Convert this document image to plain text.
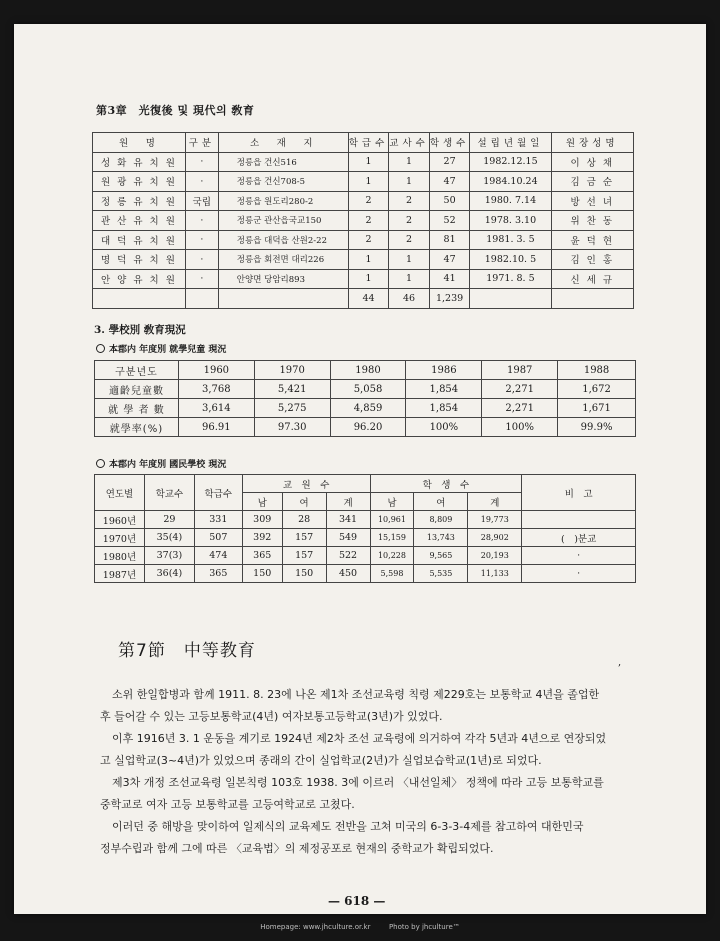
第3章　光復後 및 現代의 敎育
원　명	구분	소　재　지	학급수	교사수	학생수	설립년월일	원장성명
성 화 유 치 원	·	정릉읍 건신516	1	1	27	1982.12.15	이 상 채
원 광 유 치 원	·	정릉읍 건신708-5	1	1	47	1984.10.24	김 금 순
정 릉 유 치 원	국립	정릉읍 원도리280-2	2	2	50	1980. 7.14	방 선 녀
관 산 유 치 원	·	정릉군 관산읍국교150	2	2	52	1978. 3.10	위 찬 동
대 덕 유 치 원	·	정릉읍 대덕읍 산원2-22	2	2	81	1981. 3. 5	윤 덕 현
명 덕 유 치 원	·	정릉읍 회전면 대리226	1	1	47	1982.10. 5	김 인 홍
안 양 유 치 원	·	안양면 당암리893	1	1	41	1971. 8. 5	신 세 규
			44	46	1,239		
3. 學校別 敎育現況
本郡内 年度別 就學兒童 現況
구분년도	1960	1970	1980	1986	1987	1988
適齡兒童數	3,768	5,421	5,058	1,854	2,271	1,672
就 學 者 數	3,614	5,275	4,859	1,854	2,271	1,671
就學率(%)	96.91	97.30	96.20	100%	100%	99.9%
本郡内 年度別 國民學校 現況
연도별	학교수	학급수	교　원　수			학　생　수			비　고
			남	여	계	남	여	계	
1960년	29	331	309	28	341	10,961	8,809	19,773	
1970년	35(4)	507	392	157	549	15,159	13,743	28,902	(　)분교
1980년	37(3)	474	365	157	522	10,228	9,565	20,193	·
1987년	36(4)	365	150	150	450	5,598	5,535	11,133	·
第7節　中等教育
,

소위 한일합병과 함께 1911. 8. 23에 나온 제1차 조선교육령 칙령 제229호는 보통학교 4년을 졸업한

후 들어갈 수 있는 고등보통학교(4년) 여자보통고등학교(3년)가 있었다.

이후 1916년 3. 1 운동을 계기로 1924년 제2차 조선 교육령에 의거하여 각각 5년과 4년으로 연장되었

고 실업학교(3~4년)가 있었으며 종래의 간이 실업학교(2년)가 실업보습학교(1년)로 되었다.

제3차 개정 조선교육령 일본칙령 103호 1938. 3에 이르러 〈내선일체〉 정책에 따라 고등 보통학교를

중학교로 여자 고등 보통학교를 고등여학교로 고쳤다.

이러던 중 해방을 맞이하여 일제식의 교육제도 전반을 고쳐 미국의 6-3-3-4제를 참고하여 대한민국

정부수립과 함께 그에 따른 〈교육법〉의 제정공포로 현재의 중학교가 확립되었다.

— 618 —
Homepage: www.jhculture.or.kr 　　	Photo by jhculture™
